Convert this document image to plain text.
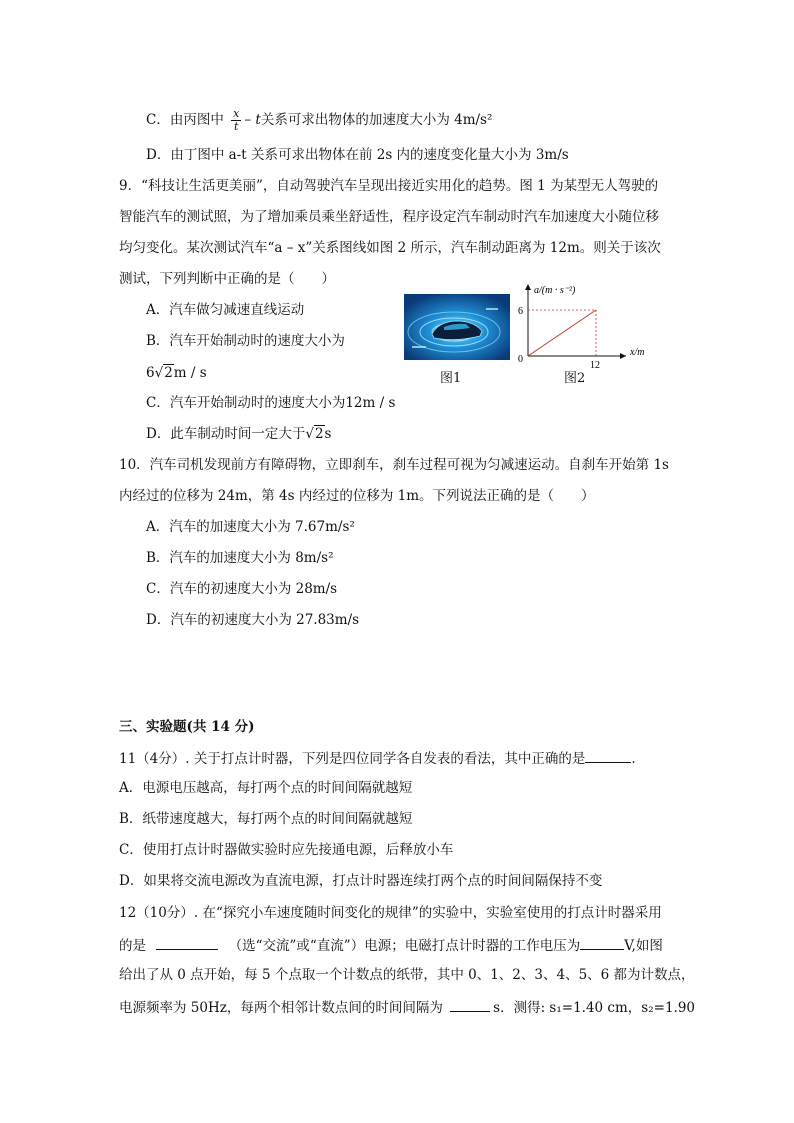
C．由丙图中 $\frac{x}{t}$ – t关系可求出物体的加速度大小为 4m/s²
D．由丁图中 a-t 关系可求出物体在前 2s 内的速度变化量大小为 3m/s
9．“科技让生活更美丽”，自动驾驶汽车呈现出接近实用化的趋势。图 1 为某型无人驾驶的
智能汽车的测试照，为了增加乘员乘坐舒适性，程序设定汽车制动时汽车加速度大小随位移
均匀变化。某次测试汽车“a – x”关系图线如图 2 所示，汽车制动距离为 12m。则关于该次
测试，下列判断中正确的是（　　）
A．汽车做匀减速直线运动
B．汽车开始制动时的速度大小为
6√2m / s
C．汽车开始制动时的速度大小为12m / s
D．此车制动时间一定大于√2s
图1
a/(m · s⁻²)
x/m
0
6
12
图2
10．汽车司机发现前方有障碍物，立即刹车，刹车过程可视为匀减速运动。自刹车开始第 1s
内经过的位移为 24m，第 4s 内经过的位移为 1m。下列说法正确的是（　　）
A．汽车的加速度大小为 7.67m/s²
B．汽车的加速度大小为 8m/s²
C．汽车的初速度大小为 28m/s
D．汽车的初速度大小为 27.83m/s
三、实验题(共 14 分)
11（4分）. 关于打点计时器，下列是四位同学各自发表的看法，其中正确的是	.
A．电源电压越高，每打两个点的时间间隔就越短
B．纸带速度越大，每打两个点的时间间隔就越短
C．使用打点计时器做实验时应先接通电源，后释放小车
D．如果将交流电源改为直流电源，打点计时器连续打两个点的时间间隔保持不变
12（10分）. 在“探究小车速度随时间变化的规律”的实验中，实验室使用的打点计时器采用
的是	（选“交流”或“直流”）电源；电磁打点计时器的工作电压为	V,如图
给出了从 0 点开始，每 5 个点取一个计数点的纸带，其中 0、1、2、3、4、5、6 都为计数点，
电源频率为 50Hz，每两个相邻计数点间的时间间隔为	s．测得: s₁=1.40 cm，s₂=1.90
